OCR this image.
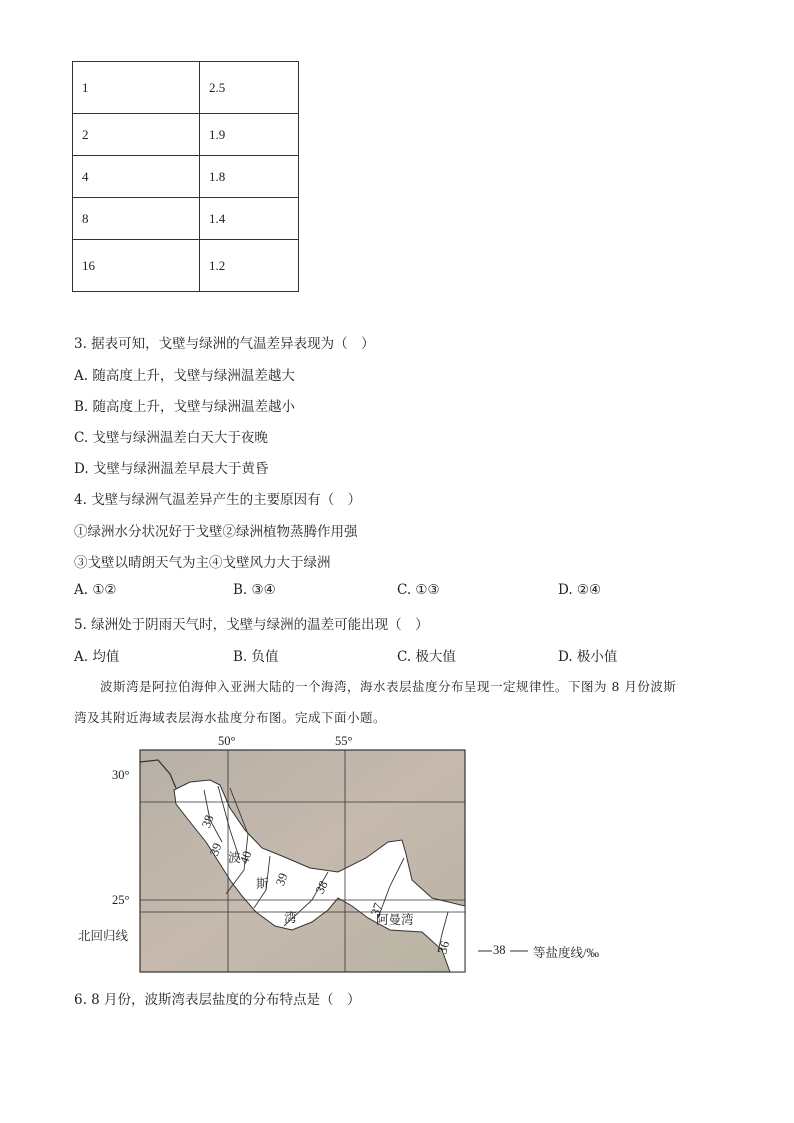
1	2.5
2	1.9
4	1.8
8	1.4
16	1.2
3. 据表可知，戈壁与绿洲的气温差异表现为（　）
A. 随高度上升，戈壁与绿洲温差越大
B. 随高度上升，戈壁与绿洲温差越小
C. 戈壁与绿洲温差白天大于夜晚
D. 戈壁与绿洲温差早晨大于黄昏
4. 戈壁与绿洲气温差异产生的主要原因有（　）
①绿洲水分状况好于戈壁②绿洲植物蒸腾作用强
③戈壁以晴朗天气为主④戈壁风力大于绿洲
A. ①②	B. ③④	C. ①③	D. ②④
5. 绿洲处于阴雨天气时，戈壁与绿洲的温差可能出现（　）
A. 均值	B. 负值	C. 极大值	D. 极小值
波斯湾是阿拉伯海伸入亚洲大陆的一个海湾，海水表层盐度分布呈现一定规律性。下图为 8 月份波斯
湾及其附近海域表层海水盐度分布图。完成下面小题。
50°	55°
30°
25°
北回归线
38
39 40
39 38
37
36
波
斯
湾	阿曼湾
38 等盐度线/‰
6. 8 月份，波斯湾表层盐度的分布特点是（　）
